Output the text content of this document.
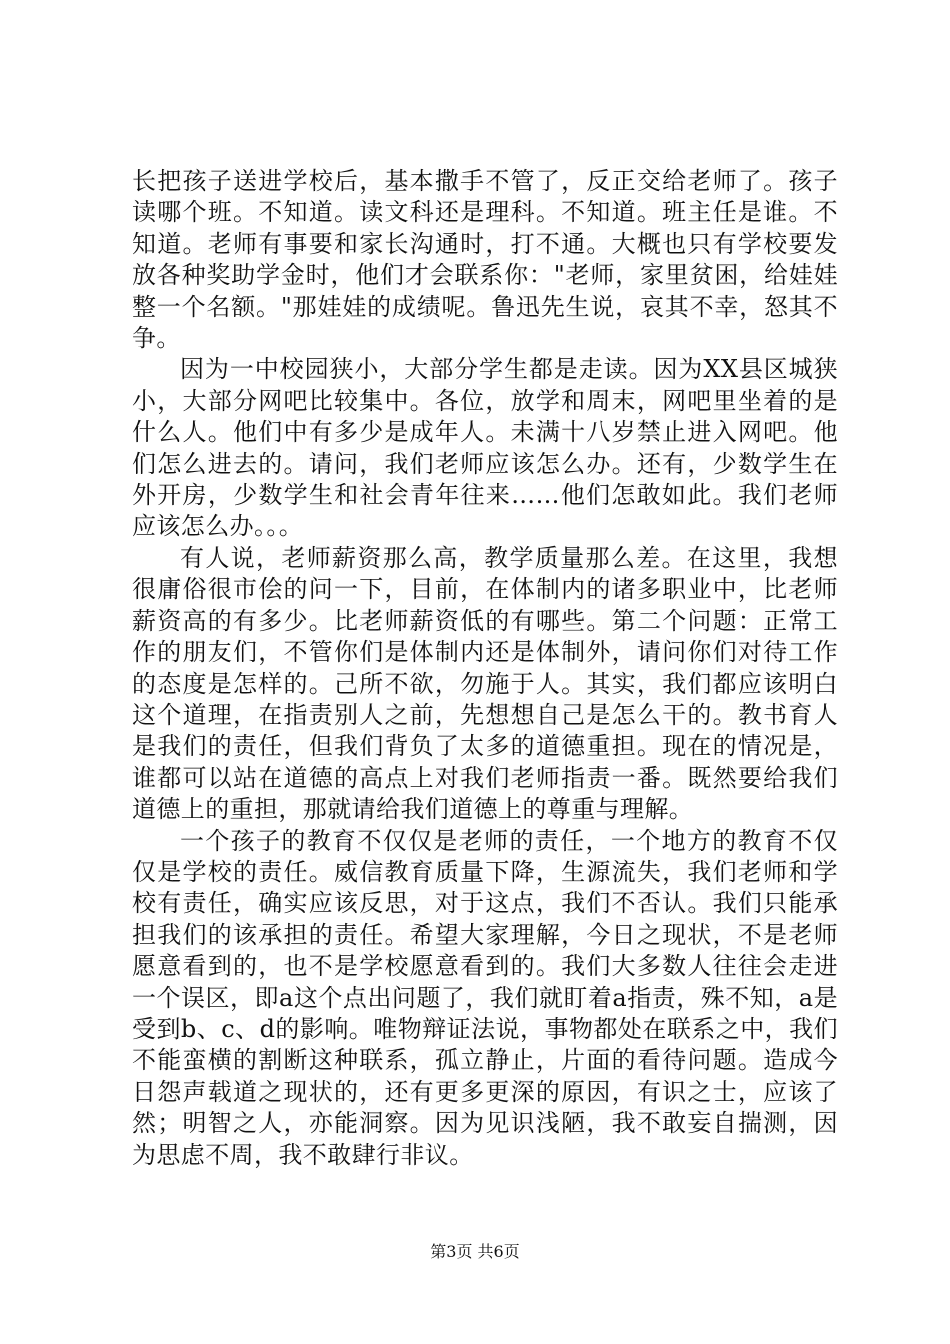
长把孩子送进学校后，基本撒手不管了，反正交给老师了。孩子读哪个班。不知道。读文科还是理科。不知道。班主任是谁。不知道。老师有事要和家长沟通时，打不通。大概也只有学校要发放各种奖助学金时，他们才会联系你："老师，家里贫困，给娃娃整一个名额。"那娃娃的成绩呢。鲁迅先生说，哀其不幸，怒其不争。

因为一中校园狭小，大部分学生都是走读。因为XX县区城狭小，大部分网吧比较集中。各位，放学和周末，网吧里坐着的是什么人。他们中有多少是成年人。未满十八岁禁止进入网吧。他们怎么进去的。请问，我们老师应该怎么办。还有，少数学生在外开房，少数学生和社会青年往来……他们怎敢如此。我们老师应该怎么办。。。

有人说，老师薪资那么高，教学质量那么差。在这里，我想很庸俗很市侩的问一下，目前，在体制内的诸多职业中，比老师薪资高的有多少。比老师薪资低的有哪些。第二个问题：正常工作的朋友们，不管你们是体制内还是体制外，请问你们对待工作的态度是怎样的。己所不欲，勿施于人。其实，我们都应该明白这个道理，在指责别人之前，先想想自己是怎么干的。教书育人是我们的责任，但我们背负了太多的道德重担。现在的情况是，谁都可以站在道德的高点上对我们老师指责一番。既然要给我们道德上的重担，那就请给我们道德上的尊重与理解。

一个孩子的教育不仅仅是老师的责任，一个地方的教育不仅仅是学校的责任。威信教育质量下降，生源流失，我们老师和学校有责任，确实应该反思，对于这点，我们不否认。我们只能承担我们的该承担的责任。希望大家理解，今日之现状，不是老师愿意看到的，也不是学校愿意看到的。我们大多数人往往会走进一个误区，即a这个点出问题了，我们就盯着a指责，殊不知，a是受到b、c、d的影响。唯物辩证法说，事物都处在联系之中，我们不能蛮横的割断这种联系，孤立静止，片面的看待问题。造成今日怨声载道之现状的，还有更多更深的原因，有识之士，应该了然；明智之人，亦能洞察。因为见识浅陋，我不敢妄自揣测，因为思虑不周，我不敢肆行非议。

第3页 共6页
